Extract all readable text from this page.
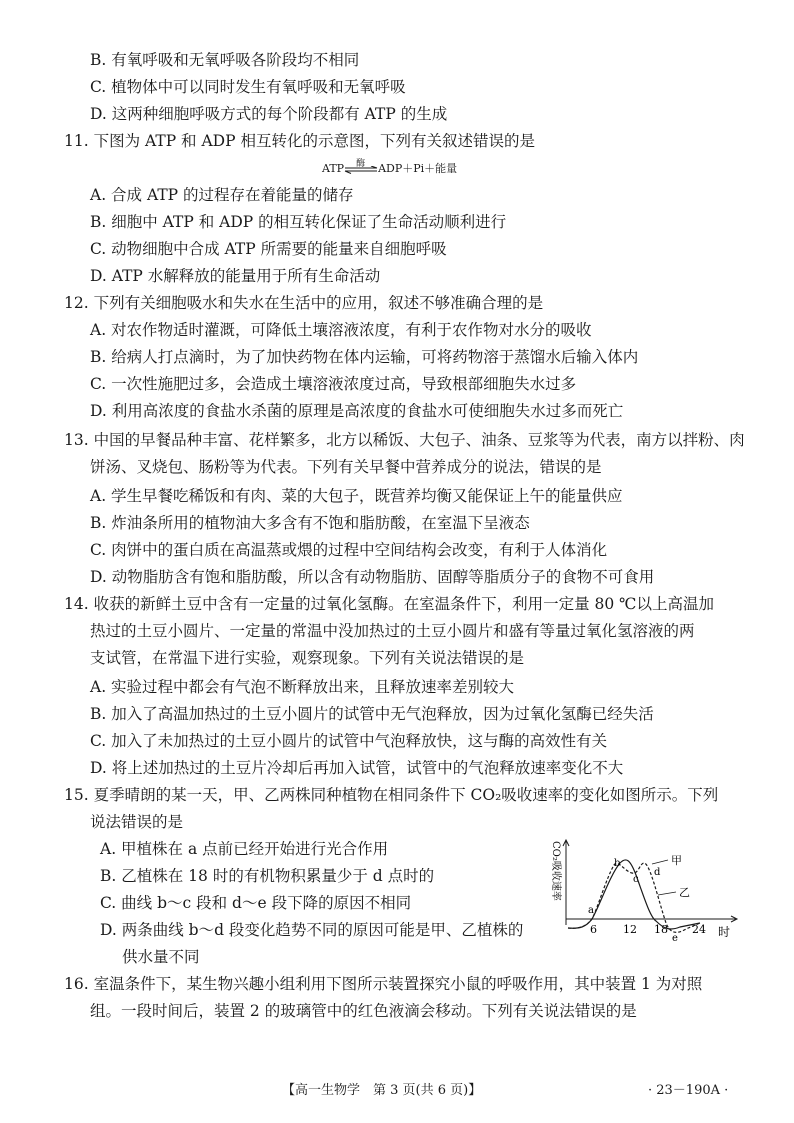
B. 有氧呼吸和无氧呼吸各阶段均不相同
C. 植物体中可以同时发生有氧呼吸和无氧呼吸
D. 这两种细胞呼吸方式的每个阶段都有 ATP 的生成
11. 下图为 ATP 和 ADP 相互转化的示意图，下列有关叙述错误的是
ATP 酶 ADP＋Pi＋能量
A. 合成 ATP 的过程存在着能量的储存
B. 细胞中 ATP 和 ADP 的相互转化保证了生命活动顺利进行
C. 动物细胞中合成 ATP 所需要的能量来自细胞呼吸
D. ATP 水解释放的能量用于所有生命活动
12. 下列有关细胞吸水和失水在生活中的应用，叙述不够准确合理的是
A. 对农作物适时灌溉，可降低土壤溶液浓度，有利于农作物对水分的吸收
B. 给病人打点滴时，为了加快药物在体内运输，可将药物溶于蒸馏水后输入体内
C. 一次性施肥过多，会造成土壤溶液浓度过高，导致根部细胞失水过多
D. 利用高浓度的食盐水杀菌的原理是高浓度的食盐水可使细胞失水过多而死亡
13. 中国的早餐品种丰富、花样繁多，北方以稀饭、大包子、油条、豆浆等为代表，南方以拌粉、肉
饼汤、叉烧包、肠粉等为代表。下列有关早餐中营养成分的说法，错误的是
A. 学生早餐吃稀饭和有肉、菜的大包子，既营养均衡又能保证上午的能量供应
B. 炸油条所用的植物油大多含有不饱和脂肪酸，在室温下呈液态
C. 肉饼中的蛋白质在高温蒸或煨的过程中空间结构会改变，有利于人体消化
D. 动物脂肪含有饱和脂肪酸，所以含有动物脂肪、固醇等脂质分子的食物不可食用
14. 收获的新鲜土豆中含有一定量的过氧化氢酶。在室温条件下，利用一定量 80 ℃以上高温加
热过的土豆小圆片、一定量的常温中没加热过的土豆小圆片和盛有等量过氧化氢溶液的两
支试管，在常温下进行实验，观察现象。下列有关说法错误的是
A. 实验过程中都会有气泡不断释放出来，且释放速率差别较大
B. 加入了高温加热过的土豆小圆片的试管中无气泡释放，因为过氧化氢酶已经失活
C. 加入了未加热过的土豆小圆片的试管中气泡释放快，这与酶的高效性有关
D. 将上述加热过的土豆片冷却后再加入试管，试管中的气泡释放速率变化不大
15. 夏季晴朗的某一天，甲、乙两株同种植物在相同条件下 CO₂吸收速率的变化如图所示。下列
说法错误的是
A. 甲植株在 a 点前已经开始进行光合作用
B. 乙植株在 18 时的有机物积累量少于 d 点时的
C. 曲线 b～c 段和 d～e 段下降的原因不相同
D. 两条曲线 b～d 段变化趋势不同的原因可能是甲、乙植株的
供水量不同
CO₂吸收速率
时
6 12 18 24
甲
乙
a
b
c
d
e
16. 室温条件下，某生物兴趣小组利用下图所示装置探究小鼠的呼吸作用，其中装置 1 为对照
组。一段时间后，装置 2 的玻璃管中的红色液滴会移动。下列有关说法错误的是
【高一生物学　第 3 页(共 6 页)】	· 23－190A ·
